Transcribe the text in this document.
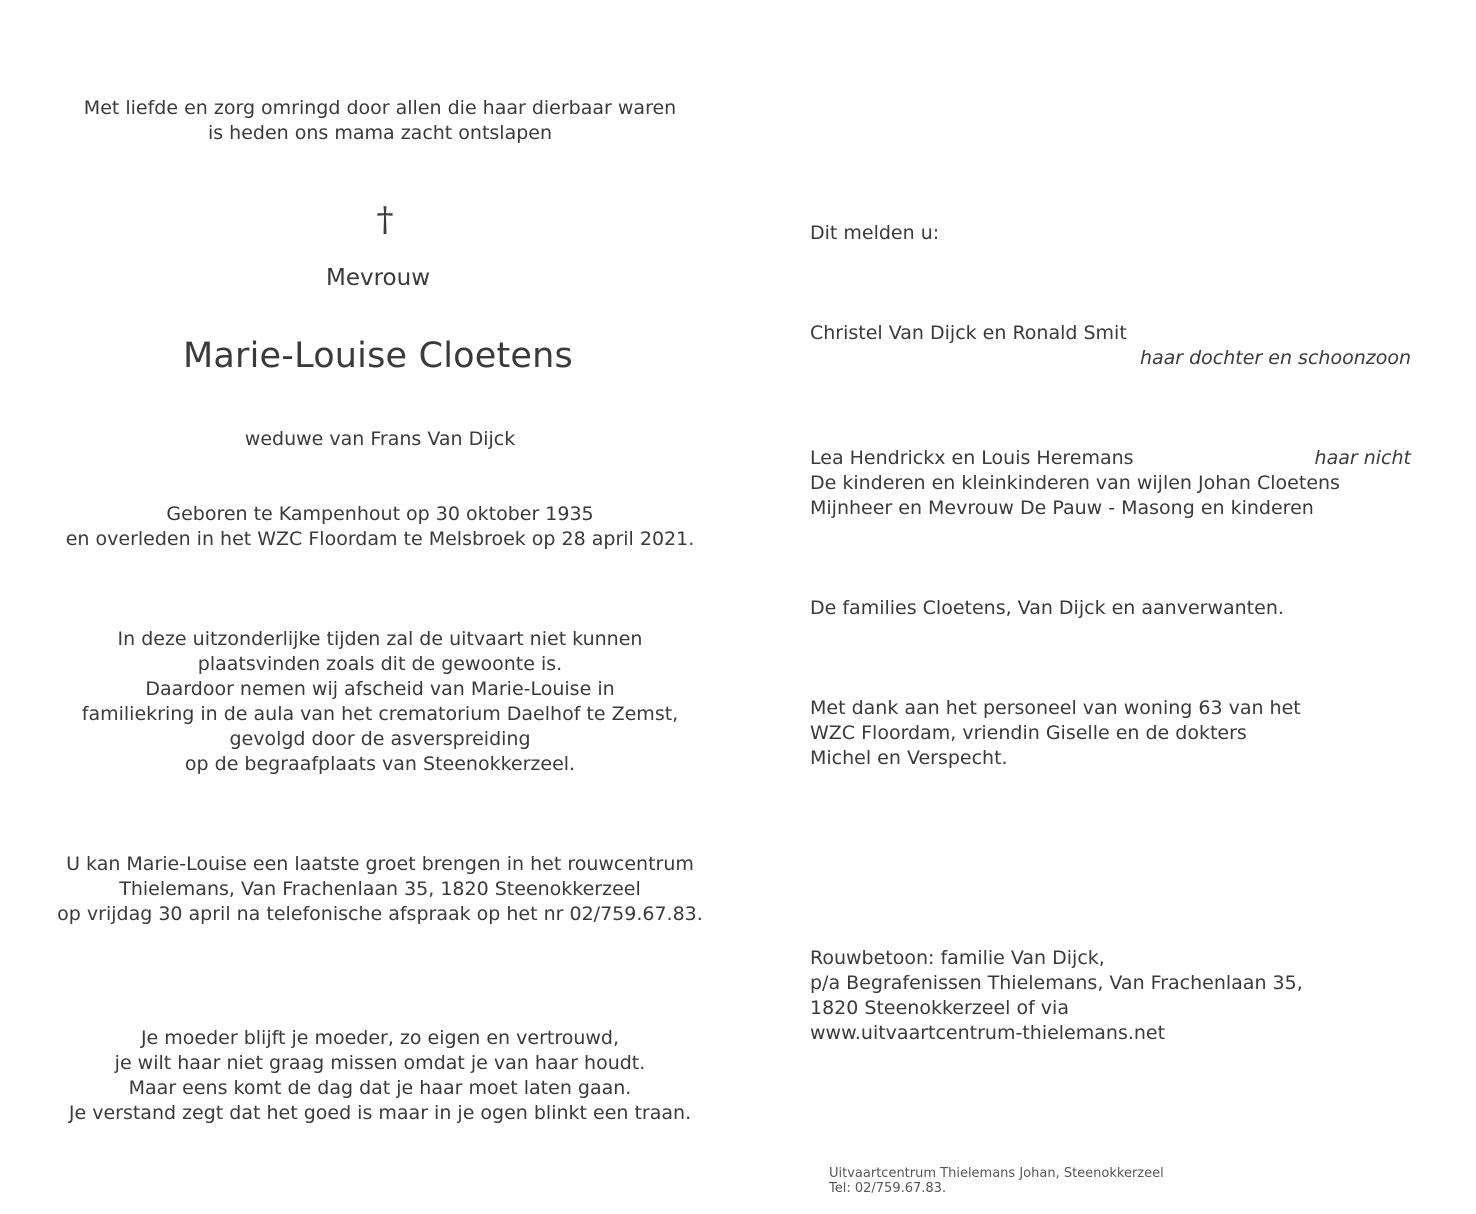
Met liefde en zorg omringd door allen die haar dierbaar waren
is heden ons mama zacht ontslapen
†
Mevrouw
Marie-Louise Cloetens
weduwe van Frans Van Dijck
Geboren te Kampenhout op 30 oktober 1935
en overleden in het WZC Floordam te Melsbroek op 28 april 2021.
In deze uitzonderlijke tijden zal de uitvaart niet kunnen
plaatsvinden zoals dit de gewoonte is.
Daardoor nemen wij afscheid van Marie-Louise in
familiekring in de aula van het crematorium Daelhof te Zemst,
gevolgd door de asverspreiding
op de begraafplaats van Steenokkerzeel.
U kan Marie-Louise een laatste groet brengen in het rouwcentrum
Thielemans, Van Frachenlaan 35, 1820 Steenokkerzeel
op vrijdag 30 april na telefonische afspraak op het nr 02/759.67.83.
Je moeder blijft je moeder, zo eigen en vertrouwd,
je wilt haar niet graag missen omdat je van haar houdt.
Maar eens komt de dag dat je haar moet laten gaan.
Je verstand zegt dat het goed is maar in je ogen blinkt een traan.
Dit melden u:
Christel Van Dijck en Ronald Smit
haar dochter en schoonzoon
Lea Hendrickx en Louis Heremans	haar nicht
De kinderen en kleinkinderen van wijlen Johan Cloetens
Mijnheer en Mevrouw De Pauw - Masong en kinderen
De families Cloetens, Van Dijck en aanverwanten.
Met dank aan het personeel van woning 63 van het
WZC Floordam, vriendin Giselle en de dokters
Michel en Verspecht.
Rouwbetoon: familie Van Dijck,
p/a Begrafenissen Thielemans, Van Frachenlaan 35,
1820 Steenokkerzeel of via
www.uitvaartcentrum-thielemans.net
Uitvaartcentrum Thielemans Johan, Steenokkerzeel
Tel: 02/759.67.83.
